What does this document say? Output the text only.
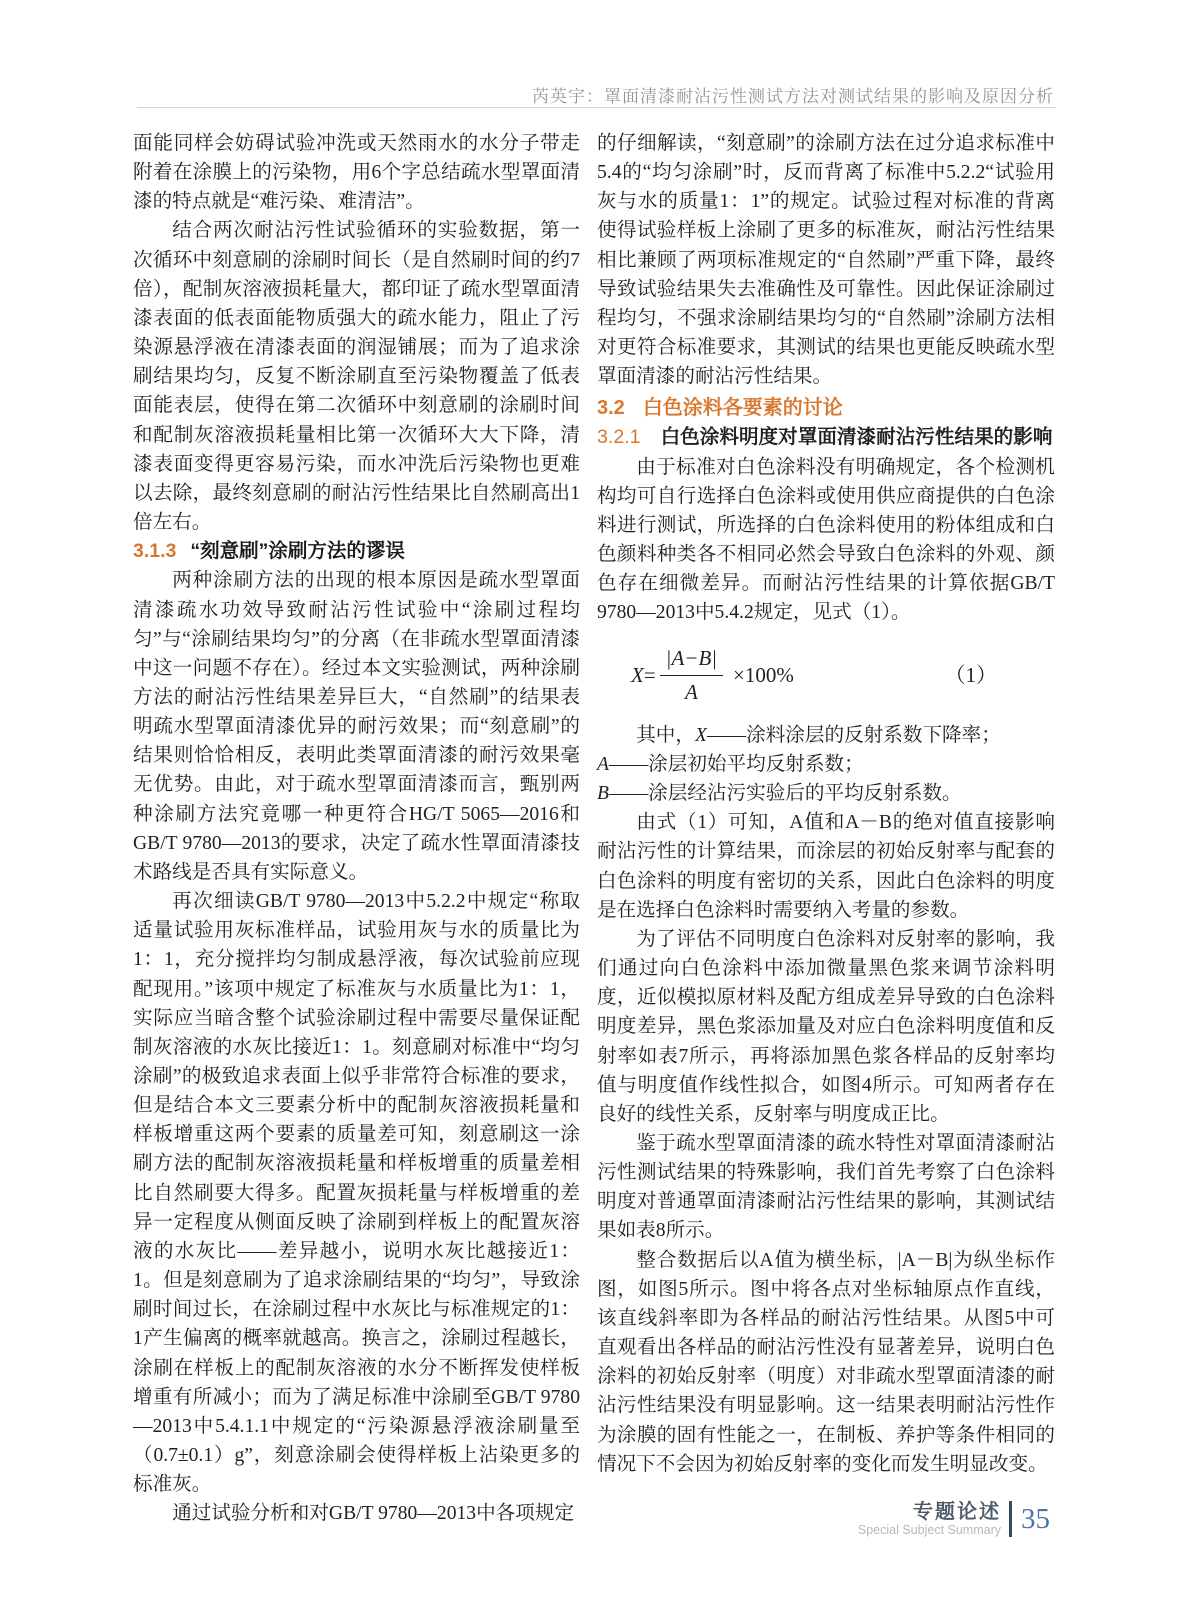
芮英宇：罩面清漆耐沾污性测试方法对测试结果的影响及原因分析

面能同样会妨碍试验冲洗或天然雨水的水分子带走附着在涂膜上的污染物，用6个字总结疏水型罩面清漆的特点就是“难污染、难清洁”。

结合两次耐沾污性试验循环的实验数据，第一次循环中刻意刷的涂刷时间长（是自然刷时间的约7倍），配制灰溶液损耗量大，都印证了疏水型罩面清漆表面的低表面能物质强大的疏水能力，阻止了污染源悬浮液在清漆表面的润湿铺展；而为了追求涂刷结果均匀，反复不断涂刷直至污染物覆盖了低表面能表层，使得在第二次循环中刻意刷的涂刷时间和配制灰溶液损耗量相比第一次循环大大下降，清漆表面变得更容易污染，而水冲洗后污染物也更难以去除，最终刻意刷的耐沾污性结果比自然刷高出1倍左右。

3.1.3 “刻意刷”涂刷方法的谬误

两种涂刷方法的出现的根本原因是疏水型罩面清漆疏水功效导致耐沾污性试验中“涂刷过程均匀”与“涂刷结果均匀”的分离（在非疏水型罩面清漆中这一问题不存在）。经过本文实验测试，两种涂刷方法的耐沾污性结果差异巨大，“自然刷”的结果表明疏水型罩面清漆优异的耐污效果；而“刻意刷”的结果则恰恰相反，表明此类罩面清漆的耐污效果毫无优势。由此，对于疏水型罩面清漆而言，甄别两种涂刷方法究竟哪一种更符合HG/T 5065—2016和GB/T 9780—2013的要求，决定了疏水性罩面清漆技术路线是否具有实际意义。

再次细读GB/T 9780—2013中5.2.2中规定“称取适量试验用灰标准样品，试验用灰与水的质量比为1：1，充分搅拌均匀制成悬浮液，每次试验前应现配现用。”该项中规定了标准灰与水质量比为1：1，实际应当暗含整个试验涂刷过程中需要尽量保证配制灰溶液的水灰比接近1：1。刻意刷对标准中“均匀涂刷”的极致追求表面上似乎非常符合标准的要求，但是结合本文三要素分析中的配制灰溶液损耗量和样板增重这两个要素的质量差可知，刻意刷这一涂刷方法的配制灰溶液损耗量和样板增重的质量差相比自然刷要大得多。配置灰损耗量与样板增重的差异一定程度从侧面反映了涂刷到样板上的配置灰溶液的水灰比——差异越小，说明水灰比越接近1：1。但是刻意刷为了追求涂刷结果的“均匀”，导致涂刷时间过长，在涂刷过程中水灰比与标准规定的1：1产生偏离的概率就越高。换言之，涂刷过程越长，涂刷在样板上的配制灰溶液的水分不断挥发使样板增重有所减小；而为了满足标准中涂刷至GB/T 9780—2013中5.4.1.1中规定的“污染源悬浮液涂刷量至（0.7±0.1）g”，刻意涂刷会使得样板上沾染更多的标准灰。

通过试验分析和对GB/T 9780—2013中各项规定

的仔细解读，“刻意刷”的涂刷方法在过分追求标准中5.4的“均匀涂刷”时，反而背离了标准中5.2.2“试验用灰与水的质量1：1”的规定。试验过程对标准的背离使得试验样板上涂刷了更多的标准灰，耐沾污性结果相比兼顾了两项标准规定的“自然刷”严重下降，最终导致试验结果失去准确性及可靠性。因此保证涂刷过程均匀，不强求涂刷结果均匀的“自然刷”涂刷方法相对更符合标准要求，其测试的结果也更能反映疏水型罩面清漆的耐沾污性结果。

3.2 白色涂料各要素的讨论
3.2.1 白色涂料明度对罩面清漆耐沾污性结果的影响

由于标准对白色涂料没有明确规定，各个检测机构均可自行选择白色涂料或使用供应商提供的白色涂料进行测试，所选择的白色涂料使用的粉体组成和白色颜料种类各不相同必然会导致白色涂料的外观、颜色存在细微差异。而耐沾污性结果的计算依据GB/T 9780—2013中5.4.2规定，见式（1）。

$X = \frac{|A-B|}{A} \times 100\%$	（1）

其中，X——涂料涂层的反射系数下降率；

A——涂层初始平均反射系数；

B——涂层经沾污实验后的平均反射系数。

由式（1）可知，A值和A－B的绝对值直接影响耐沾污性的计算结果，而涂层的初始反射率与配套的白色涂料的明度有密切的关系，因此白色涂料的明度是在选择白色涂料时需要纳入考量的参数。

为了评估不同明度白色涂料对反射率的影响，我们通过向白色涂料中添加微量黑色浆来调节涂料明度，近似模拟原材料及配方组成差异导致的白色涂料明度差异，黑色浆添加量及对应白色涂料明度值和反射率如表7所示，再将添加黑色浆各样品的反射率均值与明度值作线性拟合，如图4所示。可知两者存在良好的线性关系，反射率与明度成正比。

鉴于疏水型罩面清漆的疏水特性对罩面清漆耐沾污性测试结果的特殊影响，我们首先考察了白色涂料明度对普通罩面清漆耐沾污性结果的影响，其测试结果如表8所示。

整合数据后以A值为横坐标，|A－B|为纵坐标作图，如图5所示。图中将各点对坐标轴原点作直线，该直线斜率即为各样品的耐沾污性结果。从图5中可直观看出各样品的耐沾污性没有显著差异，说明白色涂料的初始反射率（明度）对非疏水型罩面清漆的耐沾污性结果没有明显影响。这一结果表明耐沾污性作为涂膜的固有性能之一，在制板、养护等条件相同的情况下不会因为初始反射率的变化而发生明显改变。

专题论述
Special Subject Summary 35
